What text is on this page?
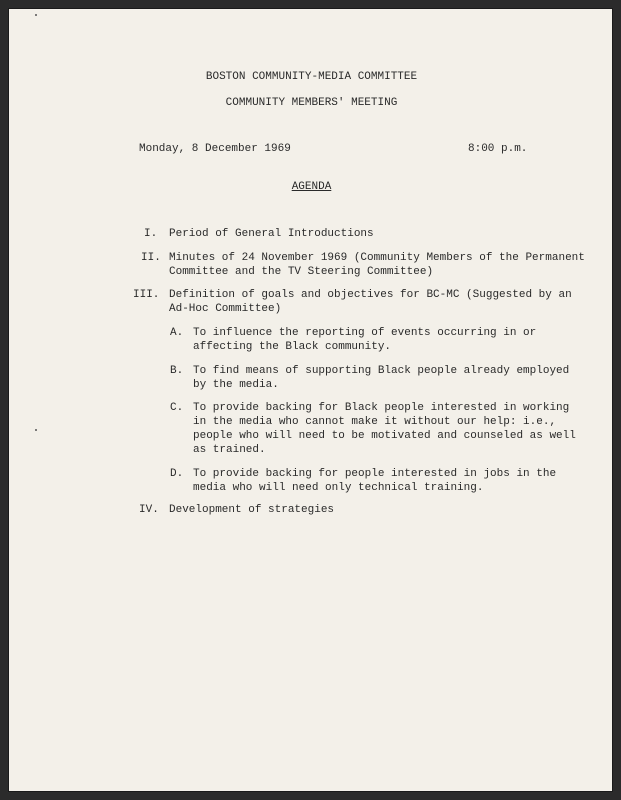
BOSTON COMMUNITY-MEDIA COMMITTEE
COMMUNITY MEMBERS' MEETING
Monday, 8 December 1969	8:00 p.m.
AGENDA
I. Period of General Introductions
II. Minutes of 24 November 1969 (Community Members of the Permanent
Committee and the TV Steering Committee)
III. Definition of goals and objectives for BC-MC (Suggested by an
Ad-Hoc Committee)
A. To influence the reporting of events occurring in or
affecting the Black community.
B. To find means of supporting Black people already employed
by the media.
C. To provide backing for Black people interested in working
in the media who cannot make it without our help: i.e.,
people who will need to be motivated and counseled as well
as trained.
D. To provide backing for people interested in jobs in the
media who will need only technical training.
IV. Development of strategies
